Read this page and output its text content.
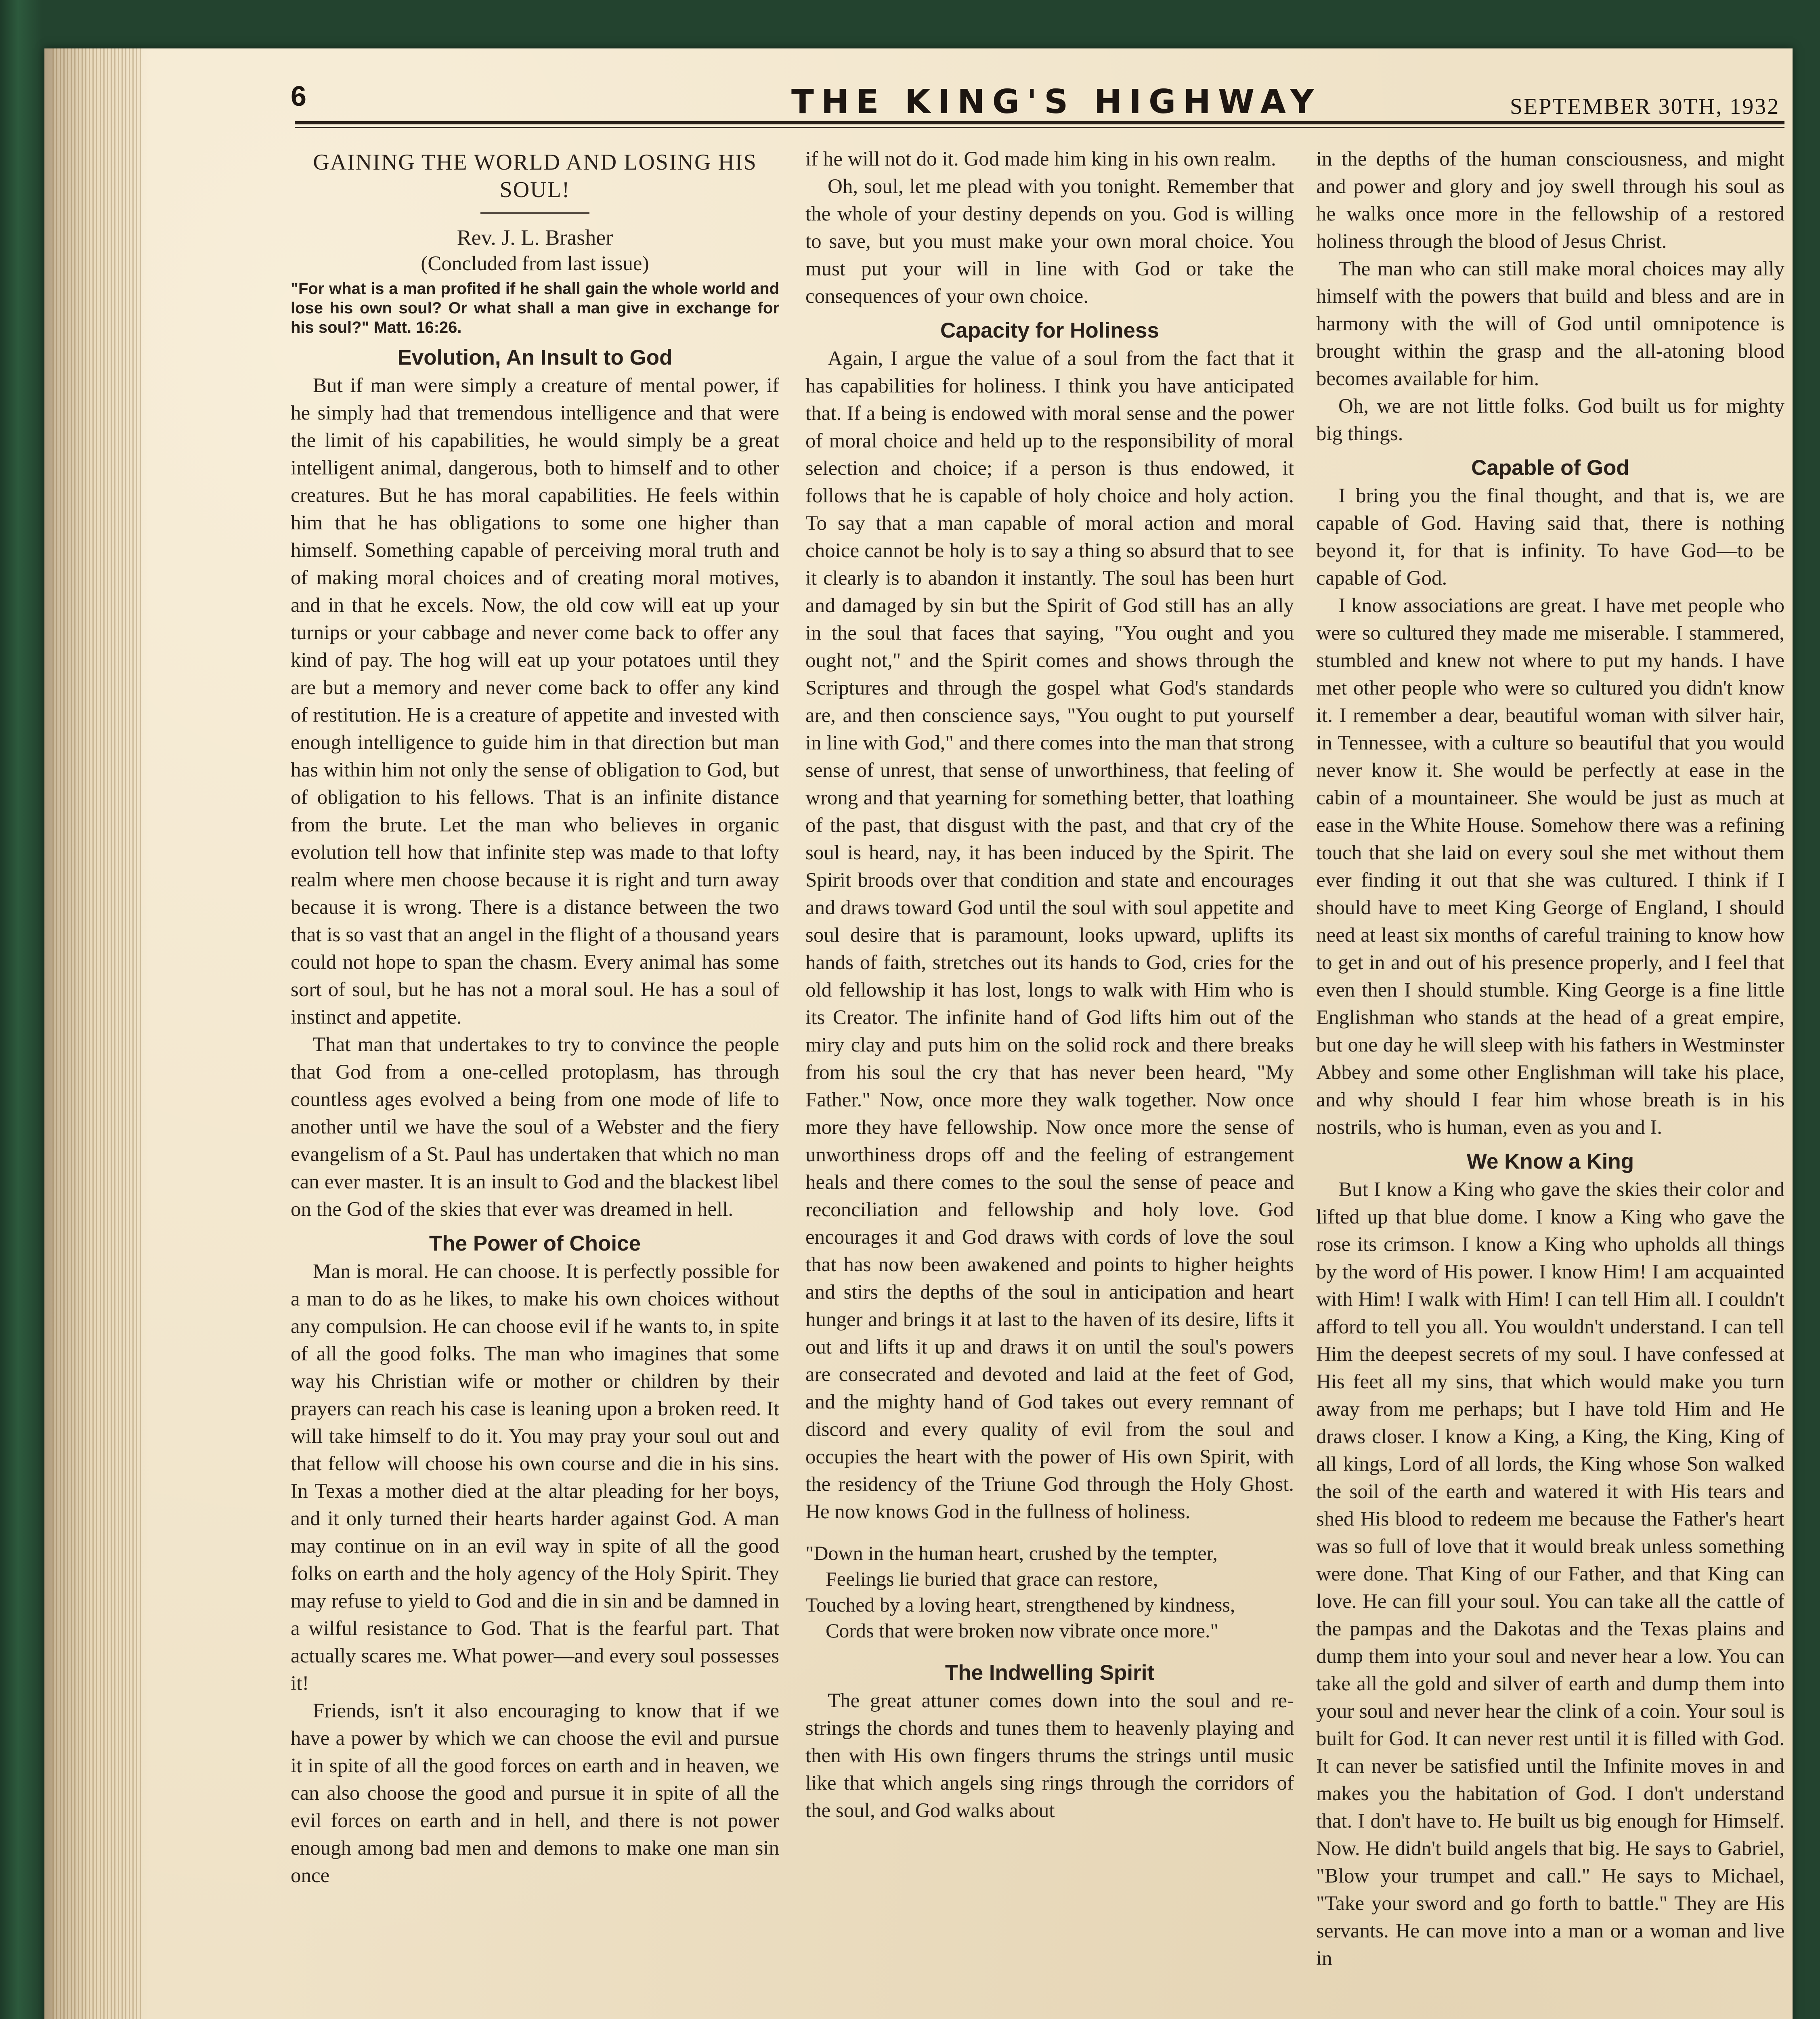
6	THE KING'S HIGHWAY	SEPTEMBER 30TH, 1932
GAINING THE WORLD AND LOSING HIS SOUL!
Rev. J. L. Brasher
(Concluded from last issue)
"For what is a man profited if he shall gain the whole world and lose his own soul? Or what shall a man give in exchange for his soul?" Matt. 16:26.
Evolution, An Insult to God

But if man were simply a creature of mental power, if he simply had that tremendous intelligence and that were the limit of his capabilities, he would simply be a great intelligent animal, dangerous, both to himself and to other creatures. But he has moral capabilities. He feels within him that he has obligations to some one higher than himself. Something capable of perceiving moral truth and of making moral choices and of creating moral motives, and in that he excels. Now, the old cow will eat up your turnips or your cabbage and never come back to offer any kind of pay. The hog will eat up your potatoes until they are but a memory and never come back to offer any kind of restitution. He is a creature of appetite and invested with enough intelligence to guide him in that direction but man has within him not only the sense of obligation to God, but of obligation to his fellows. That is an infinite distance from the brute. Let the man who believes in organic evolution tell how that infinite step was made to that lofty realm where men choose because it is right and turn away because it is wrong. There is a distance between the two that is so vast that an angel in the flight of a thousand years could not hope to span the chasm. Every animal has some sort of soul, but he has not a moral soul. He has a soul of instinct and appetite.

That man that undertakes to try to convince the people that God from a one-celled protoplasm, has through countless ages evolved a being from one mode of life to another until we have the soul of a Webster and the fiery evangelism of a St. Paul has undertaken that which no man can ever master. It is an insult to God and the blackest libel on the God of the skies that ever was dreamed in hell.

The Power of Choice

Man is moral. He can choose. It is perfectly possible for a man to do as he likes, to make his own choices without any compulsion. He can choose evil if he wants to, in spite of all the good folks. The man who imagines that some way his Christian wife or mother or children by their prayers can reach his case is leaning upon a broken reed. It will take himself to do it. You may pray your soul out and that fellow will choose his own course and die in his sins. In Texas a mother died at the altar pleading for her boys, and it only turned their hearts harder against God. A man may continue on in an evil way in spite of all the good folks on earth and the holy agency of the Holy Spirit. They may refuse to yield to God and die in sin and be damned in a wilful resistance to God. That is the fearful part. That actually scares me. What power—and every soul possesses it!

Friends, isn't it also encouraging to know that if we have a power by which we can choose the evil and pursue it in spite of all the good forces on earth and in heaven, we can also choose the good and pursue it in spite of all the evil forces on earth and in hell, and there is not power enough among bad men and demons to make one man sin once

if he will not do it. God made him king in his own realm.

Oh, soul, let me plead with you tonight. Remember that the whole of your destiny depends on you. God is willing to save, but you must make your own moral choice. You must put your will in line with God or take the consequences of your own choice.

Capacity for Holiness

Again, I argue the value of a soul from the fact that it has capabilities for holiness. I think you have anticipated that. If a being is endowed with moral sense and the power of moral choice and held up to the responsibility of moral selection and choice; if a person is thus endowed, it follows that he is capable of holy choice and holy action. To say that a man capable of moral action and moral choice cannot be holy is to say a thing so absurd that to see it clearly is to abandon it instantly. The soul has been hurt and damaged by sin but the Spirit of God still has an ally in the soul that faces that saying, "You ought and you ought not," and the Spirit comes and shows through the Scriptures and through the gospel what God's standards are, and then conscience says, "You ought to put yourself in line with God," and there comes into the man that strong sense of unrest, that sense of unworthiness, that feeling of wrong and that yearning for something better, that loathing of the past, that disgust with the past, and that cry of the soul is heard, nay, it has been induced by the Spirit. The Spirit broods over that condition and state and encourages and draws toward God until the soul with soul appetite and soul desire that is paramount, looks upward, uplifts its hands of faith, stretches out its hands to God, cries for the old fellowship it has lost, longs to walk with Him who is its Creator. The infinite hand of God lifts him out of the miry clay and puts him on the solid rock and there breaks from his soul the cry that has never been heard, "My Father." Now, once more they walk together. Now once more they have fellowship. Now once more the sense of unworthiness drops off and the feeling of estrangement heals and there comes to the soul the sense of peace and reconciliation and fellowship and holy love. God encourages it and God draws with cords of love the soul that has now been awakened and points to higher heights and stirs the depths of the soul in anticipation and heart hunger and brings it at last to the haven of its desire, lifts it out and lifts it up and draws it on until the soul's powers are consecrated and devoted and laid at the feet of God, and the mighty hand of God takes out every remnant of discord and every quality of evil from the soul and occupies the heart with the power of His own Spirit, with the residency of the Triune God through the Holy Ghost. He now knows God in the fullness of holiness.

"Down in the human heart, crushed by the tempter,
Feelings lie buried that grace can restore,
Touched by a loving heart, strengthened by kindness,
Cords that were broken now vibrate once more."
The Indwelling Spirit

The great attuner comes down into the soul and re-strings the chords and tunes them to heavenly playing and then with His own fingers thrums the strings until music like that which angels sing rings through the corridors of the soul, and God walks about

in the depths of the human consciousness, and might and power and glory and joy swell through his soul as he walks once more in the fellowship of a restored holiness through the blood of Jesus Christ.

The man who can still make moral choices may ally himself with the powers that build and bless and are in harmony with the will of God until omnipotence is brought within the grasp and the all-atoning blood becomes available for him.

Oh, we are not little folks. God built us for mighty big things.

Capable of God

I bring you the final thought, and that is, we are capable of God. Having said that, there is nothing beyond it, for that is infinity. To have God—to be capable of God.

I know associations are great. I have met people who were so cultured they made me miserable. I stammered, stumbled and knew not where to put my hands. I have met other people who were so cultured you didn't know it. I remember a dear, beautiful woman with silver hair, in Tennessee, with a culture so beautiful that you would never know it. She would be perfectly at ease in the cabin of a mountaineer. She would be just as much at ease in the White House. Somehow there was a refining touch that she laid on every soul she met without them ever finding it out that she was cultured. I think if I should have to meet King George of England, I should need at least six months of careful training to know how to get in and out of his presence properly, and I feel that even then I should stumble. King George is a fine little Englishman who stands at the head of a great empire, but one day he will sleep with his fathers in Westminster Abbey and some other Englishman will take his place, and why should I fear him whose breath is in his nostrils, who is human, even as you and I.

We Know a King

But I know a King who gave the skies their color and lifted up that blue dome. I know a King who gave the rose its crimson. I know a King who upholds all things by the word of His power. I know Him! I am acquainted with Him! I walk with Him! I can tell Him all. I couldn't afford to tell you all. You wouldn't understand. I can tell Him the deepest secrets of my soul. I have confessed at His feet all my sins, that which would make you turn away from me perhaps; but I have told Him and He draws closer. I know a King, a King, the King, King of all kings, Lord of all lords, the King whose Son walked the soil of the earth and watered it with His tears and shed His blood to redeem me because the Father's heart was so full of love that it would break unless something were done. That King of our Father, and that King can love. He can fill your soul. You can take all the cattle of the pampas and the Dakotas and the Texas plains and dump them into your soul and never hear a low. You can take all the gold and silver of earth and dump them into your soul and never hear the clink of a coin. Your soul is built for God. It can never rest until it is filled with God. It can never be satisfied until the Infinite moves in and makes you the habitation of God. I don't understand that. I don't have to. He built us big enough for Himself. Now. He didn't build angels that big. He says to Gabriel, "Blow your trumpet and call." He says to Michael, "Take your sword and go forth to battle." They are His servants. He can move into a man or a woman and live in
